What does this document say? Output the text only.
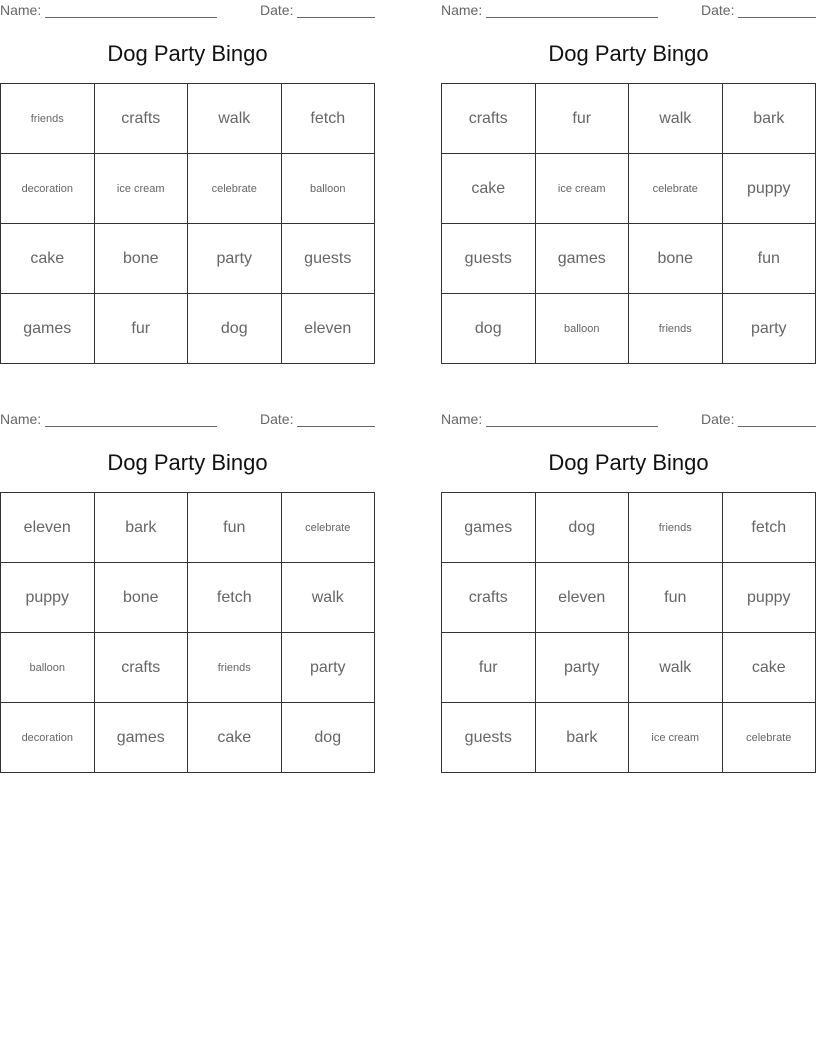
Name:	Date:
Dog Party Bingo
friends	crafts	walk	fetch
decoration	ice cream	celebrate	balloon
cake	bone	party	guests
games	fur	dog	eleven
Name:	Date:
Dog Party Bingo
crafts	fur	walk	bark
cake	ice cream	celebrate	puppy
guests	games	bone	fun
dog	balloon	friends	party
Name:	Date:
Dog Party Bingo
eleven	bark	fun	celebrate
puppy	bone	fetch	walk
balloon	crafts	friends	party
decoration	games	cake	dog
Name:	Date:
Dog Party Bingo
games	dog	friends	fetch
crafts	eleven	fun	puppy
fur	party	walk	cake
guests	bark	ice cream	celebrate
